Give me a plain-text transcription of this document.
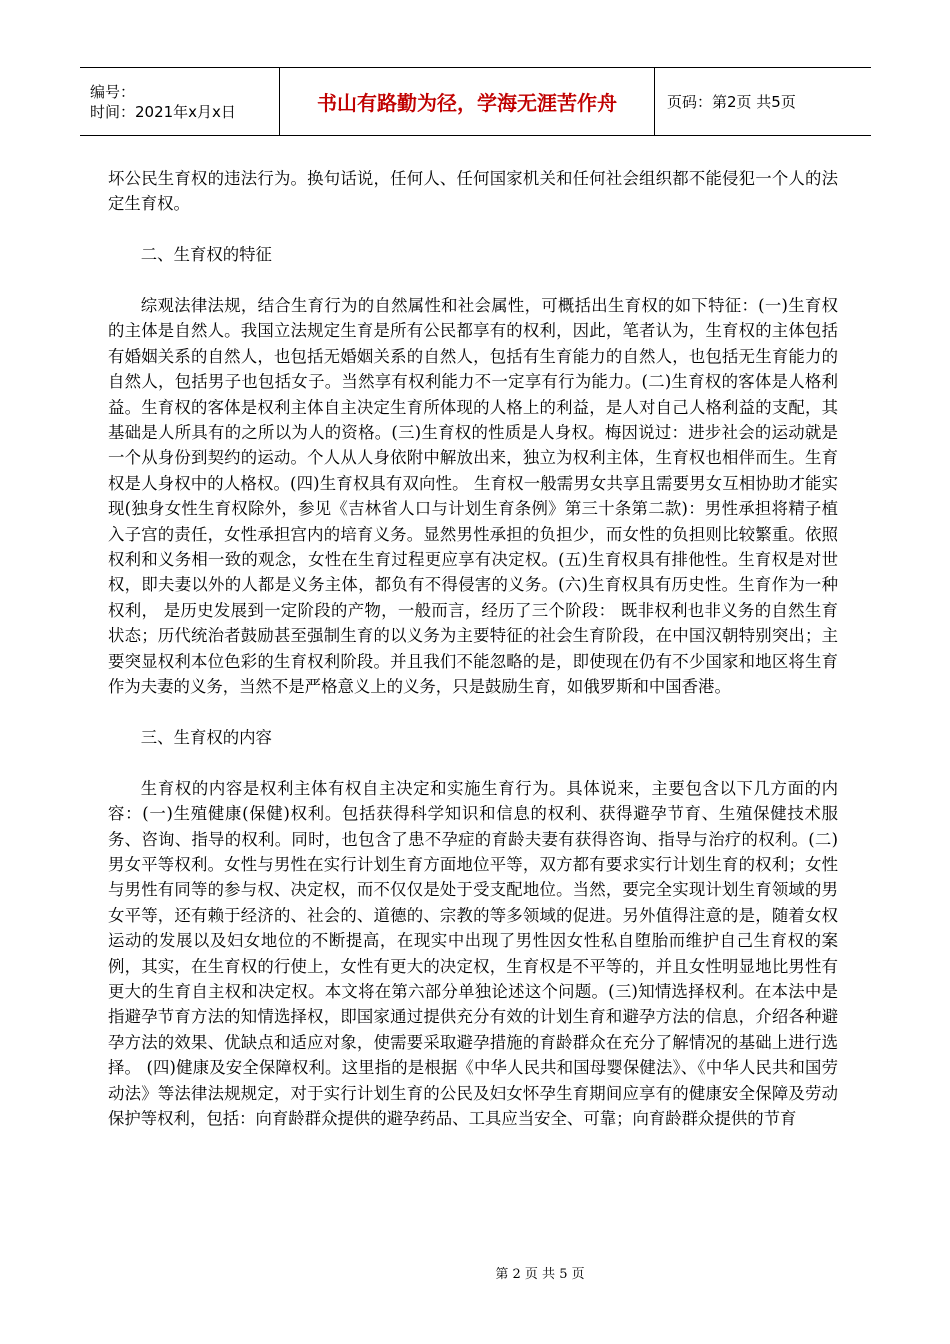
编号：
时间：2021年x月x日	书山有路勤为径，学海无涯苦作舟	页码：第2页 共5页

坏公民生育权的违法行为。换句话说，任何人、任何国家机关和任何社会组织都不能侵犯一个人的法定生育权。

二、生育权的特征

综观法律法规，结合生育行为的自然属性和社会属性，可概括出生育权的如下特征：(一)生育权的主体是自然人。我国立法规定生育是所有公民都享有的权利，因此，笔者认为，生育权的主体包括有婚姻关系的自然人，也包括无婚姻关系的自然人，包括有生育能力的自然人，也包括无生育能力的自然人，包括男子也包括女子。当然享有权利能力不一定享有行为能力。(二)生育权的客体是人格利益。生育权的客体是权利主体自主决定生育所体现的人格上的利益，是人对自己人格利益的支配，其基础是人所具有的之所以为人的资格。(三)生育权的性质是人身权。梅因说过：进步社会的运动就是一个从身份到契约的运动。个人从人身依附中解放出来，独立为权利主体，生育权也相伴而生。生育权是人身权中的人格权。(四)生育权具有双向性。 生育权一般需男女共享且需要男女互相协助才能实现(独身女性生育权除外，参见《吉林省人口与计划生育条例》第三十条第二款)：男性承担将精子植入子宫的责任，女性承担宫内的培育义务。显然男性承担的负担少，而女性的负担则比较繁重。依照权利和义务相一致的观念，女性在生育过程更应享有决定权。(五)生育权具有排他性。生育权是对世权，即夫妻以外的人都是义务主体，都负有不得侵害的义务。(六)生育权具有历史性。生育作为一种权利， 是历史发展到一定阶段的产物，一般而言，经历了三个阶段： 既非权利也非义务的自然生育状态；历代统治者鼓励甚至强制生育的以义务为主要特征的社会生育阶段，在中国汉朝特别突出；主要突显权利本位色彩的生育权利阶段。并且我们不能忽略的是，即使现在仍有不少国家和地区将生育作为夫妻的义务，当然不是严格意义上的义务，只是鼓励生育，如俄罗斯和中国香港。

三、生育权的内容

生育权的内容是权利主体有权自主决定和实施生育行为。具体说来，主要包含以下几方面的内容：(一)生殖健康(保健)权利。包括获得科学知识和信息的权利、获得避孕节育、生殖保健技术服务、咨询、指导的权利。同时，也包含了患不孕症的育龄夫妻有获得咨询、指导与治疗的权利。(二)男女平等权利。女性与男性在实行计划生育方面地位平等，双方都有要求实行计划生育的权利；女性与男性有同等的参与权、决定权，而不仅仅是处于受支配地位。当然，要完全实现计划生育领域的男女平等，还有赖于经济的、社会的、道德的、宗教的等多领域的促进。另外值得注意的是，随着女权运动的发展以及妇女地位的不断提高，在现实中出现了男性因女性私自堕胎而维护自己生育权的案例，其实，在生育权的行使上，女性有更大的决定权，生育权是不平等的，并且女性明显地比男性有更大的生育自主权和决定权。本文将在第六部分单独论述这个问题。(三)知情选择权利。在本法中是指避孕节育方法的知情选择权，即国家通过提供充分有效的计划生育和避孕方法的信息，介绍各种避孕方法的效果、优缺点和适应对象，使需要采取避孕措施的育龄群众在充分了解情况的基础上进行选择。 (四)健康及安全保障权利。这里指的是根据《中华人民共和国母婴保健法》、《中华人民共和国劳动法》等法律法规规定，对于实行计划生育的公民及妇女怀孕生育期间应享有的健康安全保障及劳动保护等权利，包括：向育龄群众提供的避孕药品、工具应当安全、可靠；向育龄群众提供的节育

第 2 页 共 5 页
